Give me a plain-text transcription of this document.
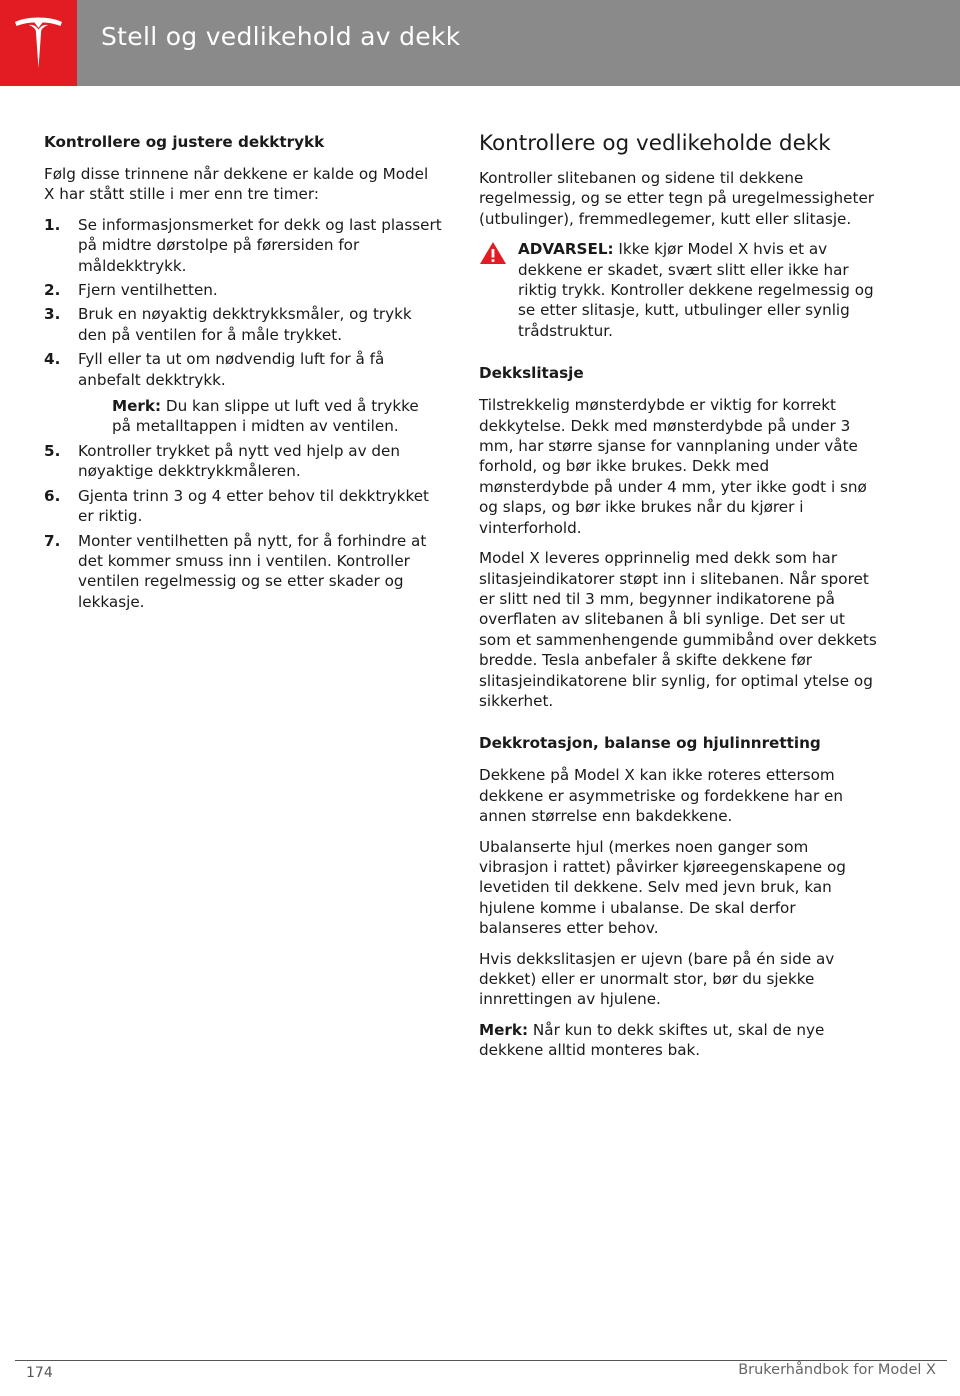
Stell og vedlikehold av dekk
Kontrollere og justere dekktrykk

Følg disse trinnene når dekkene er kalde og Model X har stått stille i mer enn tre timer:

1. Se informasjonsmerket for dekk og last plassert på midtre dørstolpe på førersiden for måldekktrykk.
2. Fjern ventilhetten.
3. Bruk en nøyaktig dekktrykksmåler, og trykk den på ventilen for å måle trykket.
4. Fyll eller ta ut om nødvendig luft for å få anbefalt dekktrykk.
Merk: Du kan slippe ut luft ved å trykke på metalltappen i midten av ventilen.
5. Kontroller trykket på nytt ved hjelp av den nøyaktige dekktrykkmåleren.
6. Gjenta trinn 3 og 4 etter behov til dekktrykket er riktig.
7. Monter ventilhetten på nytt, for å forhindre at det kommer smuss inn i ventilen. Kontroller ventilen regelmessig og se etter skader og lekkasje.
Kontrollere og vedlikeholde dekk

Kontroller slitebanen og sidene til dekkene regelmessig, og se etter tegn på uregelmessigheter (utbulinger), fremmedlegemer, kutt eller slitasje.

ADVARSEL: Ikke kjør Model X hvis et av dekkene er skadet, svært slitt eller ikke har riktig trykk. Kontroller dekkene regelmessig og se etter slitasje, kutt, utbulinger eller synlig trådstruktur.
Dekkslitasje

Tilstrekkelig mønsterdybde er viktig for korrekt dekkytelse. Dekk med mønsterdybde på under 3 mm, har større sjanse for vannplaning under våte forhold, og bør ikke brukes. Dekk med mønsterdybde på under 4 mm, yter ikke godt i snø og slaps, og bør ikke brukes når du kjører i vinterforhold.

Model X leveres opprinnelig med dekk som har slitasjeindikatorer støpt inn i slitebanen. Når sporet er slitt ned til 3 mm, begynner indikatorene på overflaten av slitebanen å bli synlige. Det ser ut som et sammenhengende gummibånd over dekkets bredde. Tesla anbefaler å skifte dekkene før slitasjeindikatorene blir synlig, for optimal ytelse og sikkerhet.

Dekkrotasjon, balanse og hjulinnretting

Dekkene på Model X kan ikke roteres ettersom dekkene er asymmetriske og fordekkene har en annen størrelse enn bakdekkene.

Ubalanserte hjul (merkes noen ganger som vibrasjon i rattet) påvirker kjøreegenskapene og levetiden til dekkene. Selv med jevn bruk, kan hjulene komme i ubalanse. De skal derfor balanseres etter behov.

Hvis dekkslitasjen er ujevn (bare på én side av dekket) eller er unormalt stor, bør du sjekke innrettingen av hjulene.

Merk: Når kun to dekk skiftes ut, skal de nye dekkene alltid monteres bak.

174	Brukerhåndbok for Model X
